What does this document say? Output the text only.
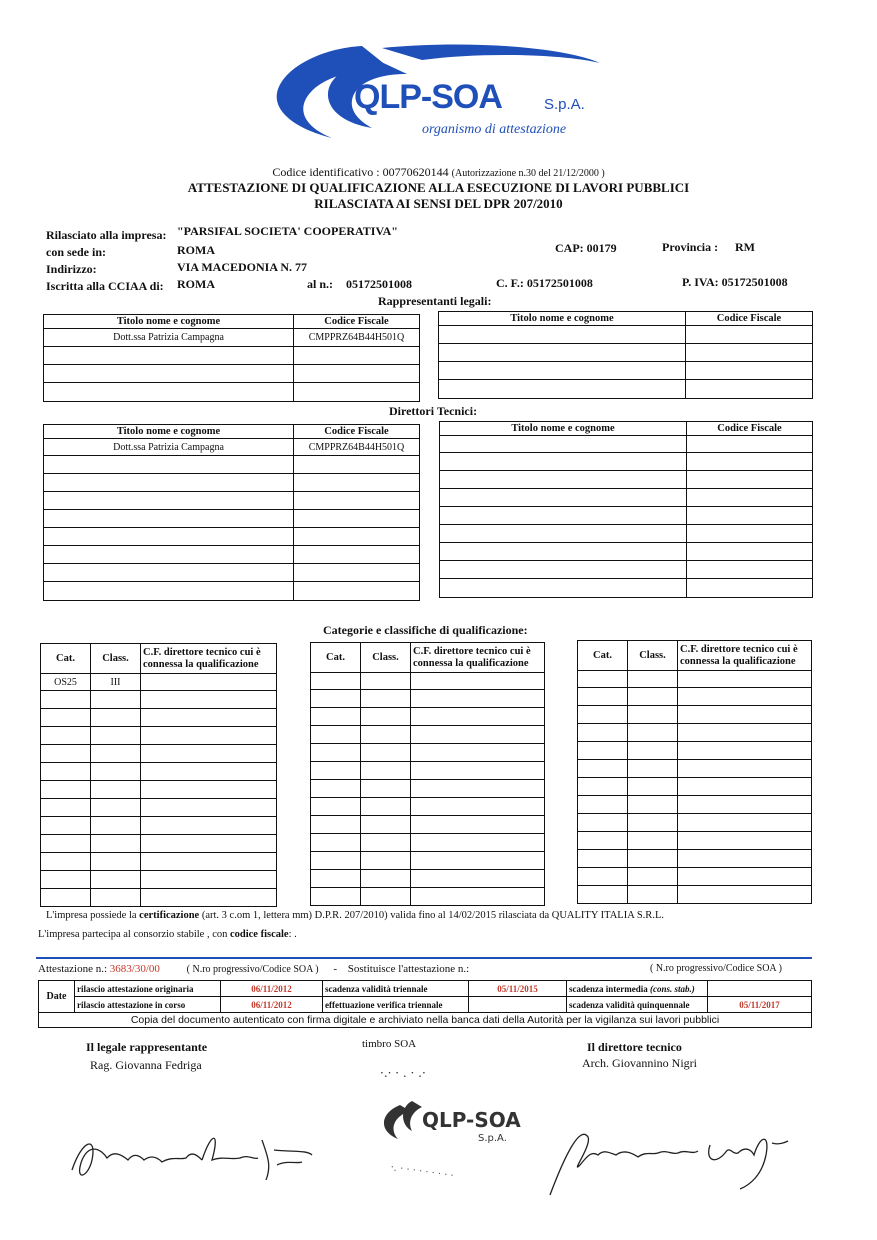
QLP-SOA	S.p.A.
organismo di attestazione
Codice identificativo : 00770620144 (Autorizzazione n.30 del 21/12/2000 )
ATTESTAZIONE DI QUALIFICAZIONE ALLA ESECUZIONE DI LAVORI PUBBLICI
RILASCIATA AI SENSI DEL DPR 207/2010
Rilasciato alla impresa: "PARSIFAL SOCIETA' COOPERATIVA"
con sede in:	ROMA	CAP: 00179	Provincia : RM
Indirizzo:	VIA MACEDONIA N. 77
Iscritta alla CCIAA di: ROMA	al n.: 05172501008	C. F.: 05172501008	P. IVA: 05172501008
Rappresentanti legali:
Titolo nome e cognome	Codice Fiscale
Dott.ssa Patrizia Campagna	CMPPRZ64B44H501Q

Titolo nome e cognome	Codice Fiscale

Direttori Tecnici:
Titolo nome e cognome	Codice Fiscale
Dott.ssa Patrizia Campagna	CMPPRZ64B44H501Q

Titolo nome e cognome	Codice Fiscale

Categorie e classifiche di qualificazione:
Cat.	Class.	C.F. direttore tecnico cui è
connessa la qualificazione

OS25	III	

Cat.	Class.	C.F. direttore tecnico cui è
connessa la qualificazione

Cat.	Class.	C.F. direttore tecnico cui è
connessa la qualificazione

L'impresa possiede la certificazione (art. 3 c.om 1, lettera mm) D.P.R. 207/2010) valida fino al 14/02/2015 rilasciata da QUALITY ITALIA S.R.L.
L'impresa partecipa al consorzio stabile , con codice fiscale: .
Attestazione n.: 3683/30/00	( N.ro progressivo/Codice SOA ) - Sostituisce l'attestazione n.:	( N.ro progressivo/Codice SOA )
Date	rilascio attestazione originaria	06/11/2012	scadenza validità triennale	05/11/2015	scadenza intermedia (cons. stab.)	
	rilascio attestazione in corso	06/11/2012	effettuazione verifica triennale		scadenza validità quinquennale	05/11/2017
Copia del documento autenticato con firma digitale e archiviato nella banca dati della Autorità per la vigilanza sui lavori pubblici						
Il legale rappresentante
Rag. Giovanna Fedriga
timbro SOA	Il direttore tecnico
Arch. Giovannino Nigri
·.· · . · .·
QLP-SOA
S.p.A.
·. · · · · · · · · ·
